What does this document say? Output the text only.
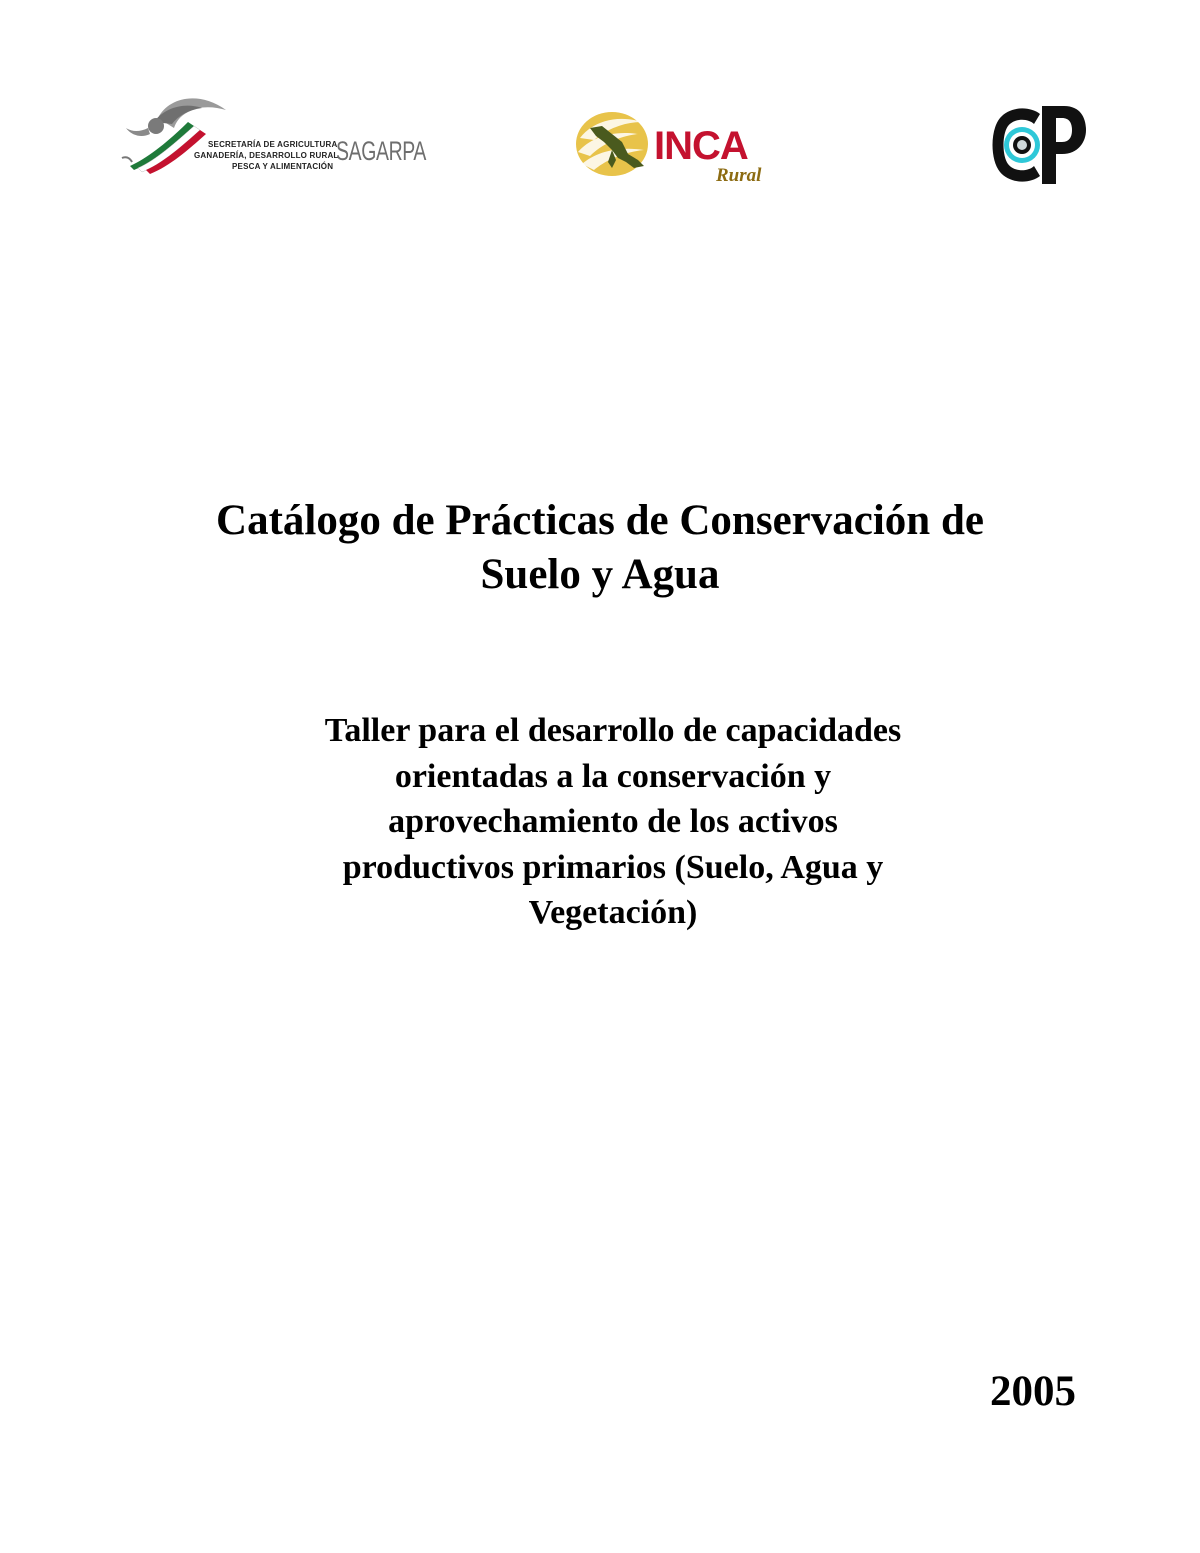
SECRETARÍA DE AGRICULTURA,
GANADERÍA, DESARROLLO RURAL
PESCA Y ALIMENTACIÓN
SAGARPA	INCA
Rural
Catálogo de Prácticas de Conservación de
Suelo y Agua
Taller para el desarrollo de capacidades
orientadas a la conservación y
aprovechamiento de los activos
productivos primarios (Suelo, Agua y
Vegetación)
2005
